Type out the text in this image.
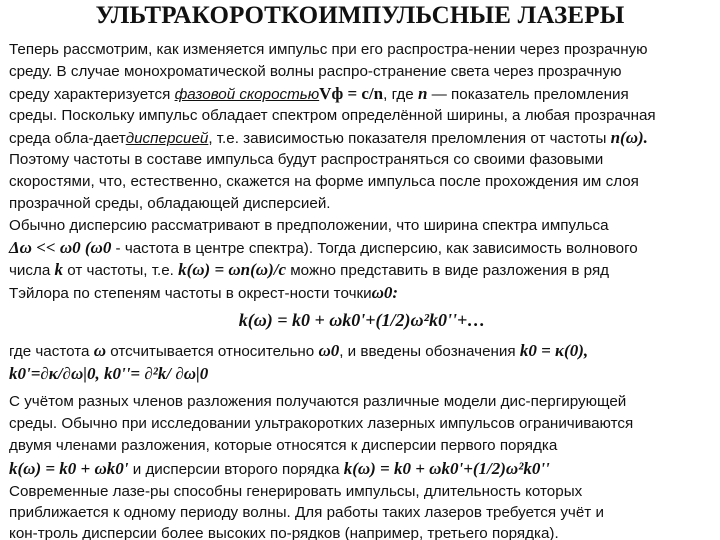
УЛЬТРАКОРОТКОИМПУЛЬСНЫЕ ЛАЗЕРЫ
Теперь рассмотрим, как изменяется импульс при его распростра-нении через прозрачную
среду. В случае монохроматической волны распро-странение света через прозрачную
среду характеризуется фазовой скоростьюVф = c/n, где n — показатель преломления
среды. Поскольку импульс обладает спектром определённой ширины, а любая прозрачная
среда обла-даетдисперсией, т.е. зависимостью показателя преломления от частоты n(ω).
Поэтому частоты в составе импульса будут распространяться со своими фазовыми
скоростями, что, естественно, скажется на форме импульса после прохождения им слоя
прозрачной среды, обладающей дисперсией.
Обычно дисперсию рассматривают в предположении, что ширина спектра импульса
Δω << ω0 (ω0 - частота в центре спектра). Тогда дисперсию, как зависимость волнового
числа k от частоты, т.е. k(ω) = ωn(ω)/c можно представить в виде разложения в ряд
Тэйлора по степеням частоты в окрест-ности точкиω0:
k(ω) = k0 + ωk0'+(1/2)ω²k0''+…
где частота ω отсчитывается относительно ω0, и введены обозначения k0 = κ(0),
k0'=∂κ/∂ω|0, k0''= ∂²k/ ∂ω|0
С учётом разных членов разложения получаются различные модели дис-пергирующей
среды. Обычно при исследовании ультракоротких лазерных импульсов ограничиваются
двумя членами разложения, которые относятся к дисперсии первого порядка
k(ω) = k0 + ωk0' и дисперсии второго порядка k(ω) = k0 + ωk0'+(1/2)ω²k0''
Современные лазе-ры способны генерировать импульсы, длительность которых
приближается к одному периоду волны. Для работы таких лазеров требуется учёт и
кон-троль дисперсии более высоких по-рядков (например, третьего порядка).
